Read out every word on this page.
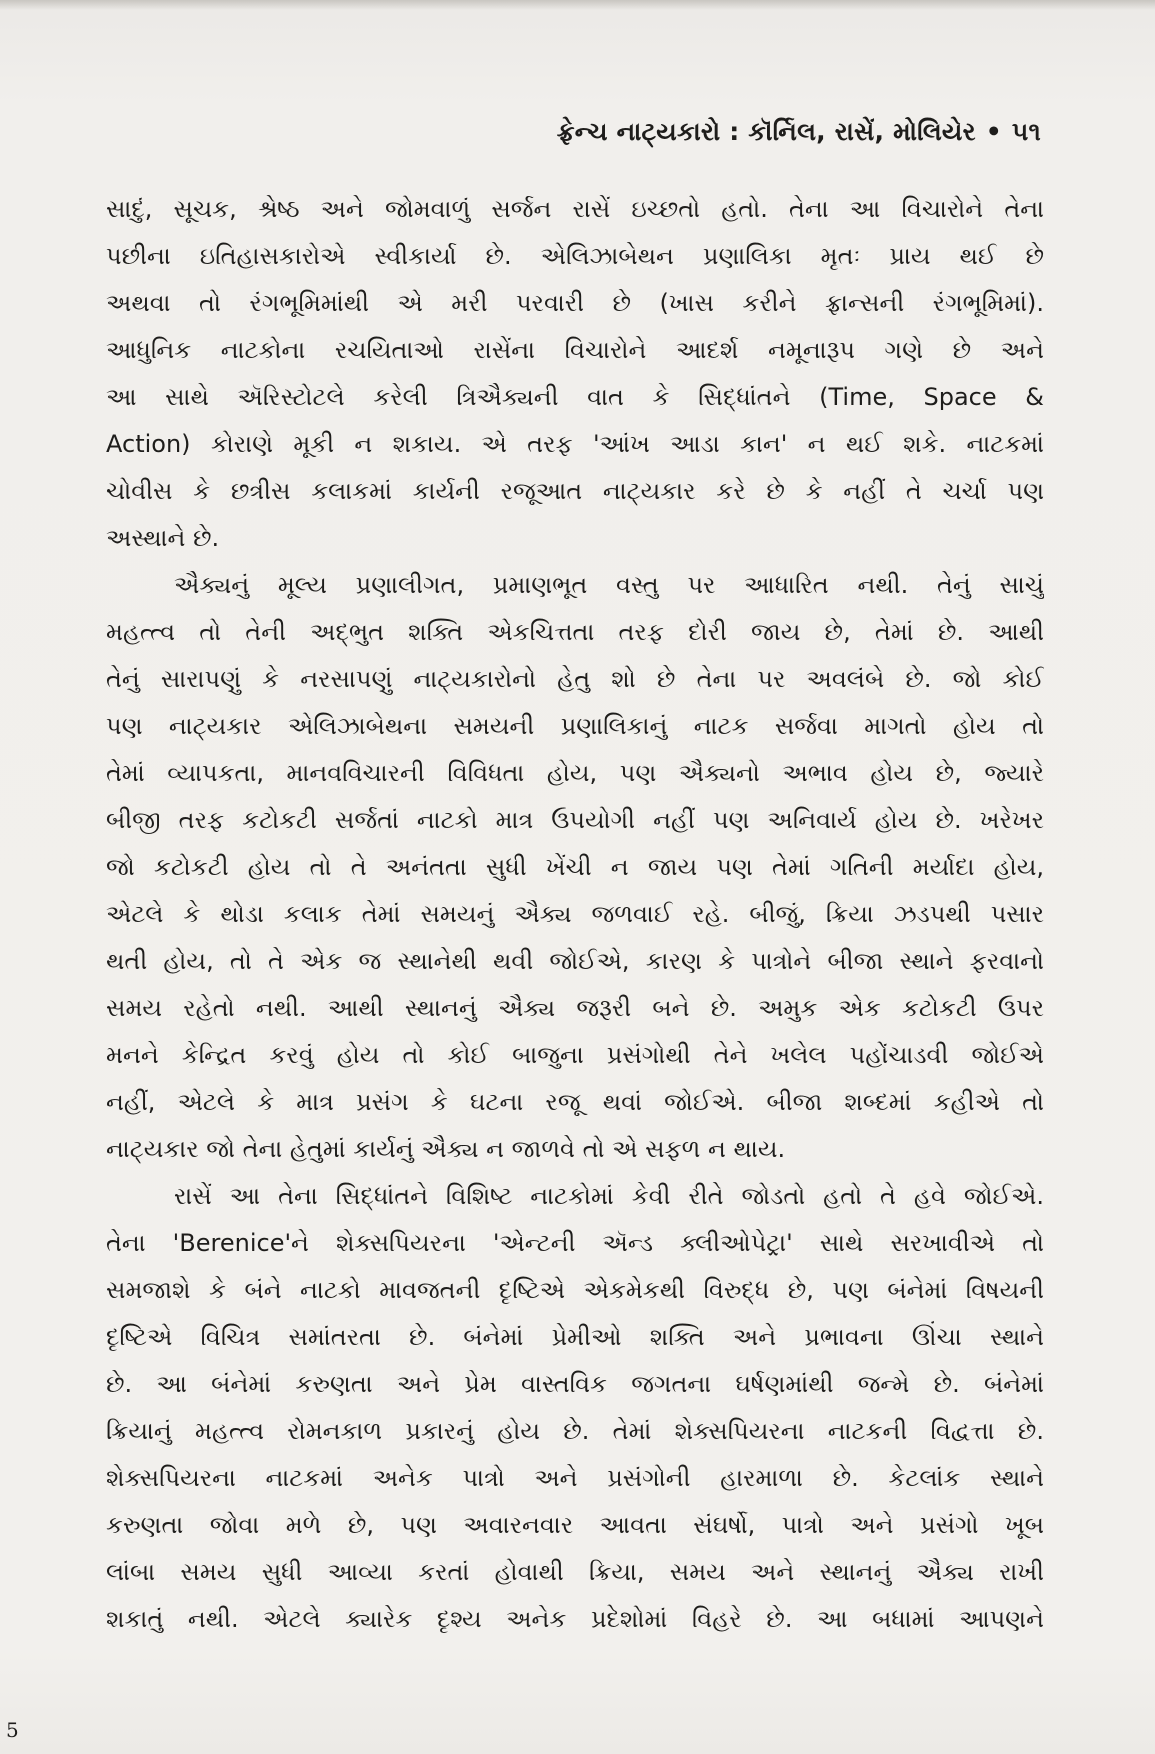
ફ્રેન્ચ નાટ્યકારો : કૉર્નિલ, રાસેં, મોલિયેર • ૫૧
સાદું, સૂચક, શ્રેષ્ઠ અને જોમવાળું સર્જન રાસેં ઇચ્છતો હતો. તેના આ વિચારોને તેના
પછીના ઇતિહાસકારોએ સ્વીકાર્યા છે. એલિઝાબેથન પ્રણાલિકા મૃતઃ પ્રાય થઈ છે
અથવા તો રંગભૂમિમાંથી એ મરી પરવારી છે (ખાસ કરીને ફ્રાન્સની રંગભૂમિમાં).
આધુનિક નાટકોના રચયિતાઓ રાસેંના વિચારોને આદર્શ નમૂનારૂપ ગણે છે અને
આ સાથે ઍરિસ્ટોટલે કરેલી ત્રિઐક્યની વાત કે સિદ્ધાંતને (Time, Space &
Action) કોરાણે મૂકી ન શકાય. એ તરફ 'આંખ આડા કાન' ન થઈ શકે. નાટકમાં
ચોવીસ કે છત્રીસ કલાકમાં કાર્યની રજૂઆત નાટ્યકાર કરે છે કે નહીં તે ચર્ચા પણ
અસ્થાને છે.
ઐક્યનું મૂલ્ય પ્રણાલીગત, પ્રમાણભૂત વસ્તુ પર આધારિત નથી. તેનું સાચું
મહત્ત્વ તો તેની અદ્ભુત શક્તિ એકચિત્તતા તરફ દોરી જાય છે, તેમાં છે. આથી
તેનું સારાપણું કે નરસાપણું નાટ્યકારોનો હેતુ શો છે તેના પર અવલંબે છે. જો કોઈ
પણ નાટ્યકાર એલિઝાબેથના સમયની પ્રણાલિકાનું નાટક સર્જવા માગતો હોય તો
તેમાં વ્યાપકતા, માનવવિચારની વિવિધતા હોય, પણ ઐક્યનો અભાવ હોય છે, જ્યારે
બીજી તરફ કટોકટી સર્જતાં નાટકો માત્ર ઉપયોગી નહીં પણ અનિવાર્ય હોય છે. ખરેખર
જો કટોકટી હોય તો તે અનંતતા સુધી ખેંચી ન જાય પણ તેમાં ગતિની મર્યાદા હોય,
એટલે કે થોડા કલાક તેમાં સમયનું ઐક્ય જળવાઈ રહે. બીજું, ક્રિયા ઝડપથી પસાર
થતી હોય, તો તે એક જ સ્થાનેથી થવી જોઈએ, કારણ કે પાત્રોને બીજા સ્થાને ફરવાનો
સમય રહેતો નથી. આથી સ્થાનનું ઐક્ય જરૂરી બને છે. અમુક એક કટોકટી ઉપર
મનને કેન્દ્રિત કરવું હોય તો કોઈ બાજુના પ્રસંગોથી તેને ખલેલ પહોંચાડવી જોઈએ
નહીં, એટલે કે માત્ર પ્રસંગ કે ઘટના રજૂ થવાં જોઈએ. બીજા શબ્દમાં કહીએ તો
નાટ્યકાર જો તેના હેતુમાં કાર્યનું ઐક્ય ન જાળવે તો એ સફળ ન થાય.
રાસેં આ તેના સિદ્ધાંતને વિશિષ્ટ નાટકોમાં કેવી રીતે જોડતો હતો તે હવે જોઈએ.
તેના 'Berenice'ને શેક્સપિયરના 'એન્ટની ઍન્ડ ક્લીઓપેટ્રા' સાથે સરખાવીએ તો
સમજાશે કે બંને નાટકો માવજતની દૃષ્ટિએ એકમેકથી વિરુદ્ધ છે, પણ બંનેમાં વિષયની
દૃષ્ટિએ વિચિત્ર સમાંતરતા છે. બંનેમાં પ્રેમીઓ શક્તિ અને પ્રભાવના ઊંચા સ્થાને
છે. આ બંનેમાં કરુણતા અને પ્રેમ વાસ્તવિક જગતના ઘર્ષણમાંથી જન્મે છે. બંનેમાં
ક્રિયાનું મહત્ત્વ રોમનકાળ પ્રકારનું હોય છે. તેમાં શેક્સપિયરના નાટકની વિદ્વત્તા છે.
શેક્સપિયરના નાટકમાં અનેક પાત્રો અને પ્રસંગોની હારમાળા છે. કેટલાંક સ્થાને
કરુણતા જોવા મળે છે, પણ અવારનવાર આવતા સંઘર્ષો, પાત્રો અને પ્રસંગો ખૂબ
લાંબા સમય સુધી આવ્યા કરતાં હોવાથી ક્રિયા, સમય અને સ્થાનનું ઐક્ય રાખી
શકાતું નથી. એટલે ક્યારેક દૃશ્ય અનેક પ્રદેશોમાં વિહરે છે. આ બધામાં આપણને
5
